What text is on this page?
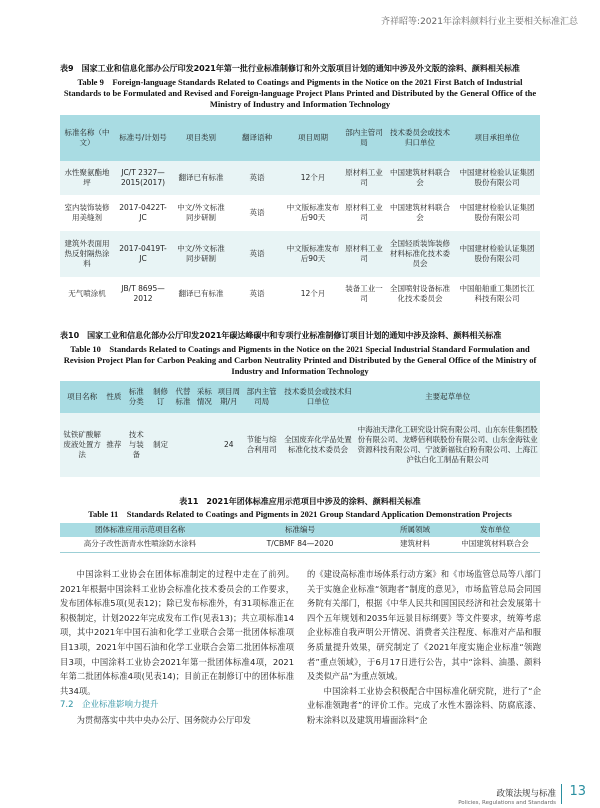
齐祥昭等:2021年涂料颜料行业主要相关标准汇总
表9　国家工业和信息化部办公厅印发2021年第一批行业标准制修订和外文版项目计划的通知中涉及外文版的涂料、颜料相关标准
Table 9　Foreign-language Standards Related to Coatings and Pigments in the Notice on the 2021 First Batch of Industrial Standards to be Formulated and Revised and Foreign-language Project Plans Printed and Distributed by the General Office of the Ministry of Industry and Information Technology
标准名称（中文）	标准号/计划号	项目类别	翻译语种	项目周期	部内主管司局	技术委员会或技术归口单位	项目承担单位
水性聚氨酯地坪	JC/T 2327—2015(2017)	翻译已有标准	英语	12个月	原材料工业司	中国建筑材料联合会	中国建材检验认证集团股份有限公司
室内装饰装修用美缝剂	2017-0422T-JC	中文/外文标准同步研制	英语	中文版标准发布后90天	原材料工业司	中国建筑材料联合会	中国建材检验认证集团股份有限公司
建筑外表面用热反射隔热涂料	2017-0419T-JC	中文/外文标准同步研制	英语	中文版标准发布后90天	原材料工业司	全国轻质装饰装修材料标准化技术委员会	中国建材检验认证集团股份有限公司
无气喷涂机	JB/T 8695—2012	翻译已有标准	英语	12个月	装备工业一司	全国喷射设备标准化技术委员会	中国船舶重工集团长江科技有限公司
表10　国家工业和信息化部办公厅印发2021年碳达峰碳中和专项行业标准制修订项目计划的通知中涉及涂料、颜料相关标准
Table 10　Standards Related to Coatings and Pigments in the Notice on the 2021 Special Industrial Standard Formulation and Revision Project Plan for Carbon Peaking and Carbon Neutrality Printed and Distributed by the General Office of the Ministry of Industry and Information Technology
项目名称	性质	标准分类	制修订	代替标准	采标情况	项目周期/月	部内主管司局	技术委员会或技术归口单位	主要起草单位
钛铁矿酸解废液处置方法	推荐	技术与装备	制定			24	节能与综合利用司	全国废弃化学品处置标准化技术委员会	中海油天津化工研究设计院有限公司、山东东佳集团股份有限公司、龙蟒佰利联股份有限公司、山东金海钛业资源科技有限公司、宁波新福钛白粉有限公司、上海江沪钛白化工制品有限公司
表11　2021年团体标准应用示范项目中涉及的涂料、颜料相关标准
Table 11　Standards Related to Coatings and Pigments in 2021 Group Standard Application Demonstration Projects
团体标准应用示范项目名称	标准编号	所属领域	发布单位
高分子改性沥青水性喷涂防水涂料	T/CBMF 84—2020	建筑材料	中国建筑材料联合会

中国涂料工业协会在团体标准制定的过程中走在了前列。2021年根据中国涂料工业协会标准化技术委员会的工作要求，发布团体标准5项(见表12)；除已发布标准外，有31项标准正在积极制定，计划2022年完成发布工作(见表13)；共立项标准14项，其中2021年中国石油和化学工业联合会第一批团体标准项目13项，2021年中国石油和化学工业联合会第二批团体标准项目3项，中国涂料工业协会2021年第一批团体标准4项，2021年第二批团体标准4项(见表14)；目前正在制修订中的团体标准共34项。

7.2　企业标准影响力提升

为贯彻落实中共中央办公厅、国务院办公厅印发

的《建设高标准市场体系行动方案》和《市场监管总局等八部门关于实施企业标准“领跑者”制度的意见》，市场监管总局会同国务院有关部门，根据《中华人民共和国国民经济和社会发展第十四个五年规划和2035年远景目标纲要》等文件要求，统筹考虑企业标准自我声明公开情况、消费者关注程度、标准对产品和服务质量提升效果，研究制定了《2021年度实施企业标准“领跑者”重点领域》，于6月17日进行公告，其中“涂料、油墨、颜料及类似产品”为重点领域。

中国涂料工业协会积极配合中国标准化研究院，进行了“企业标准领跑者”的评价工作。完成了水性木器涂料、防腐底漆、粉末涂料以及建筑用墙面涂料“企

政策法规与标准
Policies, Regulations and Standards
13
